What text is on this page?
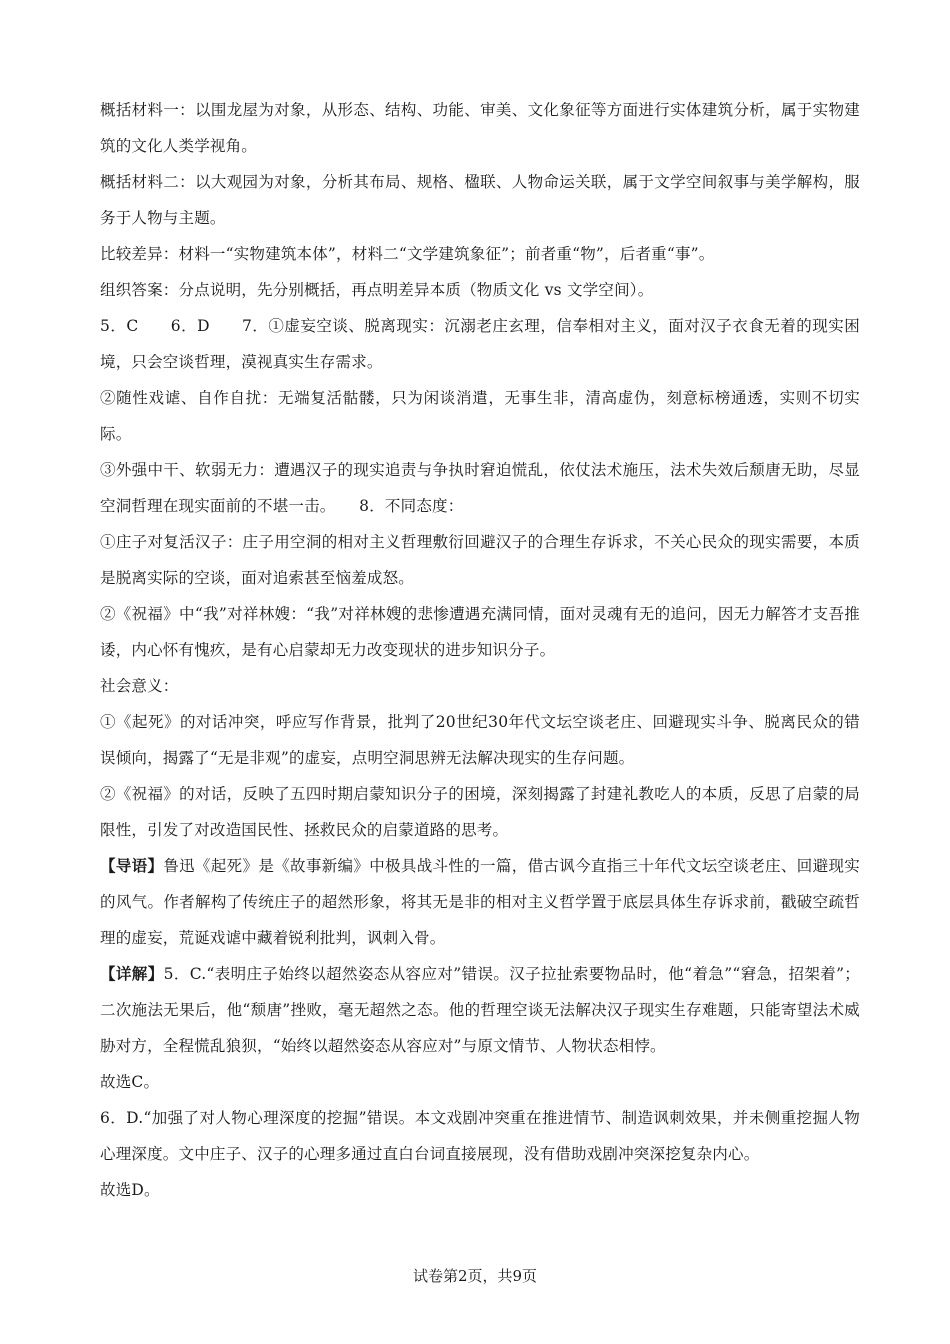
概括材料一：以围龙屋为对象，从形态、结构、功能、审美、文化象征等方面进行实体建筑分析，属于实物建筑的文化人类学视角。

概括材料二：以大观园为对象，分析其布局、规格、楹联、人物命运关联，属于文学空间叙事与美学解构，服务于人物与主题。

比较差异：材料一“实物建筑本体”，材料二“文学建筑象征”；前者重“物”，后者重“事”。

组织答案：分点说明，先分别概括，再点明差异本质（物质文化 vs 文学空间）。

5．C　　6．D　　7．①虚妄空谈、脱离现实：沉溺老庄玄理，信奉相对主义，面对汉子衣食无着的现实困境，只会空谈哲理，漠视真实生存需求。

②随性戏谑、自作自扰：无端复活骷髅，只为闲谈消遣，无事生非，清高虚伪，刻意标榜通透，实则不切实际。

③外强中干、软弱无力：遭遇汉子的现实追责与争执时窘迫慌乱，依仗法术施压，法术失效后颓唐无助，尽显空洞哲理在现实面前的不堪一击。　　8．不同态度：

①庄子对复活汉子：庄子用空洞的相对主义哲理敷衍回避汉子的合理生存诉求，不关心民众的现实需要，本质是脱离实际的空谈，面对追索甚至恼羞成怒。

②《祝福》中“我”对祥林嫂：“我”对祥林嫂的悲惨遭遇充满同情，面对灵魂有无的追问，因无力解答才支吾推诿，内心怀有愧疚，是有心启蒙却无力改变现状的进步知识分子。

社会意义：

①《起死》的对话冲突，呼应写作背景，批判了20世纪30年代文坛空谈老庄、回避现实斗争、脱离民众的错误倾向，揭露了“无是非观”的虚妄，点明空洞思辨无法解决现实的生存问题。

②《祝福》的对话，反映了五四时期启蒙知识分子的困境，深刻揭露了封建礼教吃人的本质，反思了启蒙的局限性，引发了对改造国民性、拯救民众的启蒙道路的思考。

【导语】鲁迅《起死》是《故事新编》中极具战斗性的一篇，借古讽今直指三十年代文坛空谈老庄、回避现实的风气。作者解构了传统庄子的超然形象，将其无是非的相对主义哲学置于底层具体生存诉求前，戳破空疏哲理的虚妄，荒诞戏谑中藏着锐利批判，讽刺入骨。

【详解】5．C.“表明庄子始终以超然姿态从容应对”错误。汉子拉扯索要物品时，他“着急”“窘急，招架着”；二次施法无果后，他“颓唐”挫败，毫无超然之态。他的哲理空谈无法解决汉子现实生存难题，只能寄望法术威胁对方，全程慌乱狼狈，“始终以超然姿态从容应对”与原文情节、人物状态相悖。

故选C。

6．D.“加强了对人物心理深度的挖掘”错误。本文戏剧冲突重在推进情节、制造讽刺效果，并未侧重挖掘人物心理深度。文中庄子、汉子的心理多通过直白台词直接展现，没有借助戏剧冲突深挖复杂内心。

故选D。

试卷第2页，共9页
